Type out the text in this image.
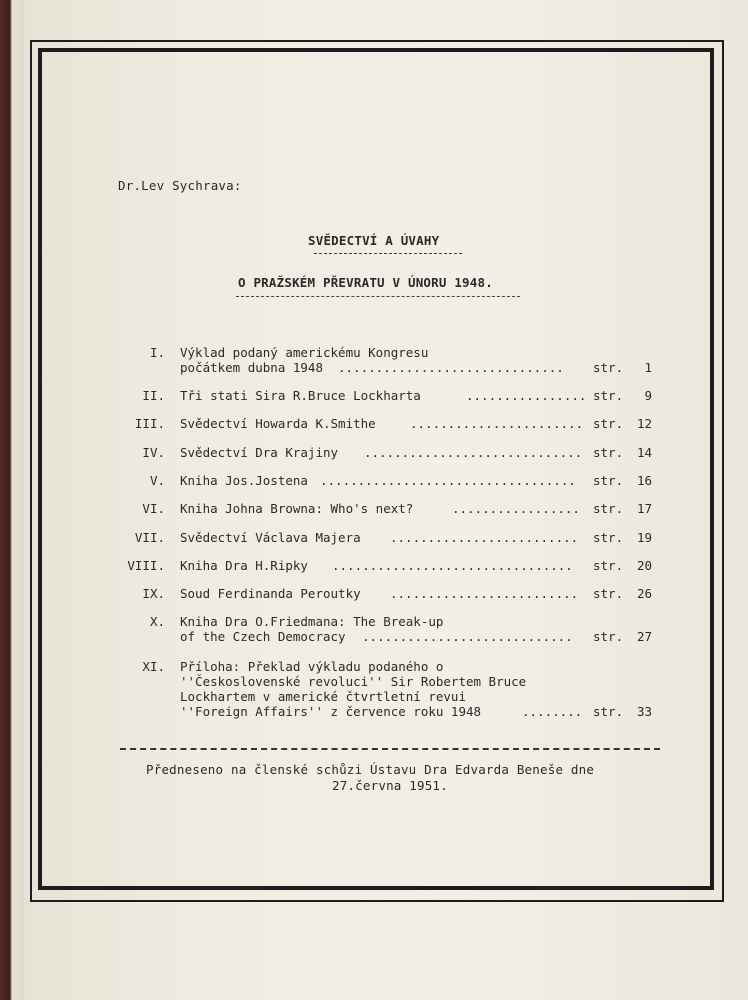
Dr.Lev Sychrava:
SVĚDECTVÍ A ÚVAHY
O PRAŽSKÉM PŘEVRATU V ÚNORU 1948.
I. Výklad podaný americkému Kongresu
počátkem dubna 1948 ..............................	str. 1
II. Tři stati Sira R.Bruce Lockharta	................ str. 9
III. Svědectví Howarda K.Smithe	....................... str. 12
IV. Svědectví Dra Krajiny ............................. str. 14
V. Kniha Jos.Jostena ..................................	str. 16
VI. Kniha Johna Browna: Who's next?	.................	str. 17
VII. Svědectví Václava Majera .........................	str. 19
VIII. Kniha Dra H.Ripky ................................	str. 20
IX. Soud Ferdinanda Peroutky .........................	str. 26
X. Kniha Dra O.Friedmana: The Break-up
of the Czech Democracy ............................	str. 27
XI. Příloha: Překlad výkladu podaného o
''Československé revoluci'' Sir Robertem Bruce
Lockhartem v americké čtvrtletní revui
''Foreign Affairs'' z července roku 1948	........ str. 33
Předneseno na členské schůzi Ústavu Dra Edvarda Beneše dne
27.června 1951.
